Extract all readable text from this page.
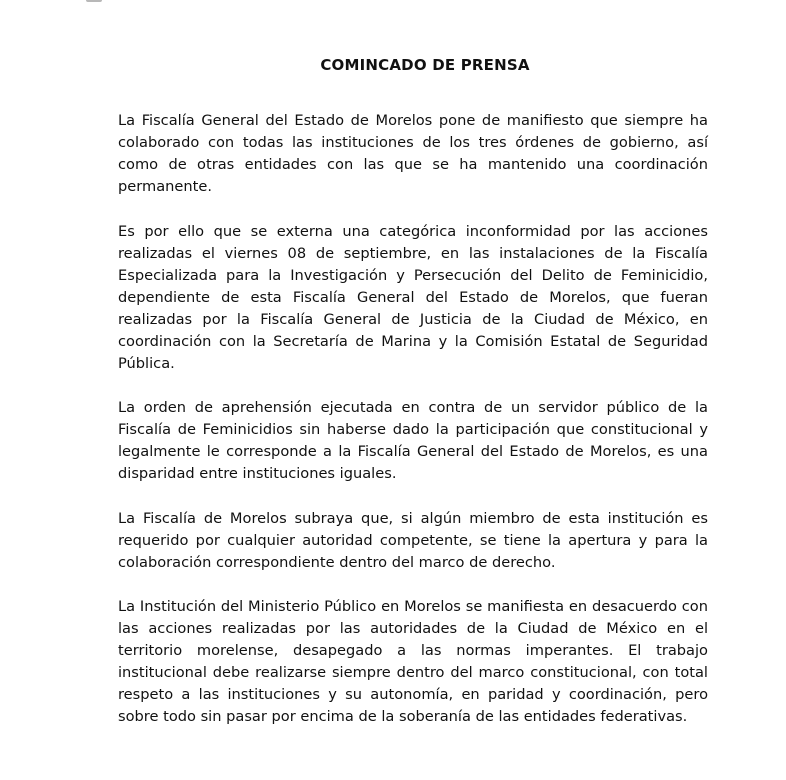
COMINCADO DE PRENSA

La Fiscalía General del Estado de Morelos pone de manifiesto que siempre ha colaborado con todas las instituciones de los tres órdenes de gobierno, así como de otras entidades con las que se ha mantenido una coordinación permanente.

Es por ello que se externa una categórica inconformidad por las acciones realizadas el viernes 08 de septiembre, en las instalaciones de la Fiscalía Especializada para la Investigación y Persecución del Delito de Feminicidio, dependiente de esta Fiscalía General del Estado de Morelos, que fueran realizadas por la Fiscalía General de Justicia de la Ciudad de México, en coordinación con la Secretaría de Marina y la Comisión Estatal de Seguridad Pública.

La orden de aprehensión ejecutada en contra de un servidor público de la Fiscalía de Feminicidios sin haberse dado la participación que constitucional y legalmente le corresponde a la Fiscalía General del Estado de Morelos, es una disparidad entre instituciones iguales.

La Fiscalía de Morelos subraya que, si algún miembro de esta institución es requerido por cualquier autoridad competente, se tiene la apertura y para la colaboración correspondiente dentro del marco de derecho.

La Institución del Ministerio Público en Morelos se manifiesta en desacuerdo con las acciones realizadas por las autoridades de la Ciudad de México en el territorio morelense, desapegado a las normas imperantes. El trabajo institucional debe realizarse siempre dentro del marco constitucional, con total respeto a las instituciones y su autonomía, en paridad y coordinación, pero sobre todo sin pasar por encima de la soberanía de las entidades federativas.
